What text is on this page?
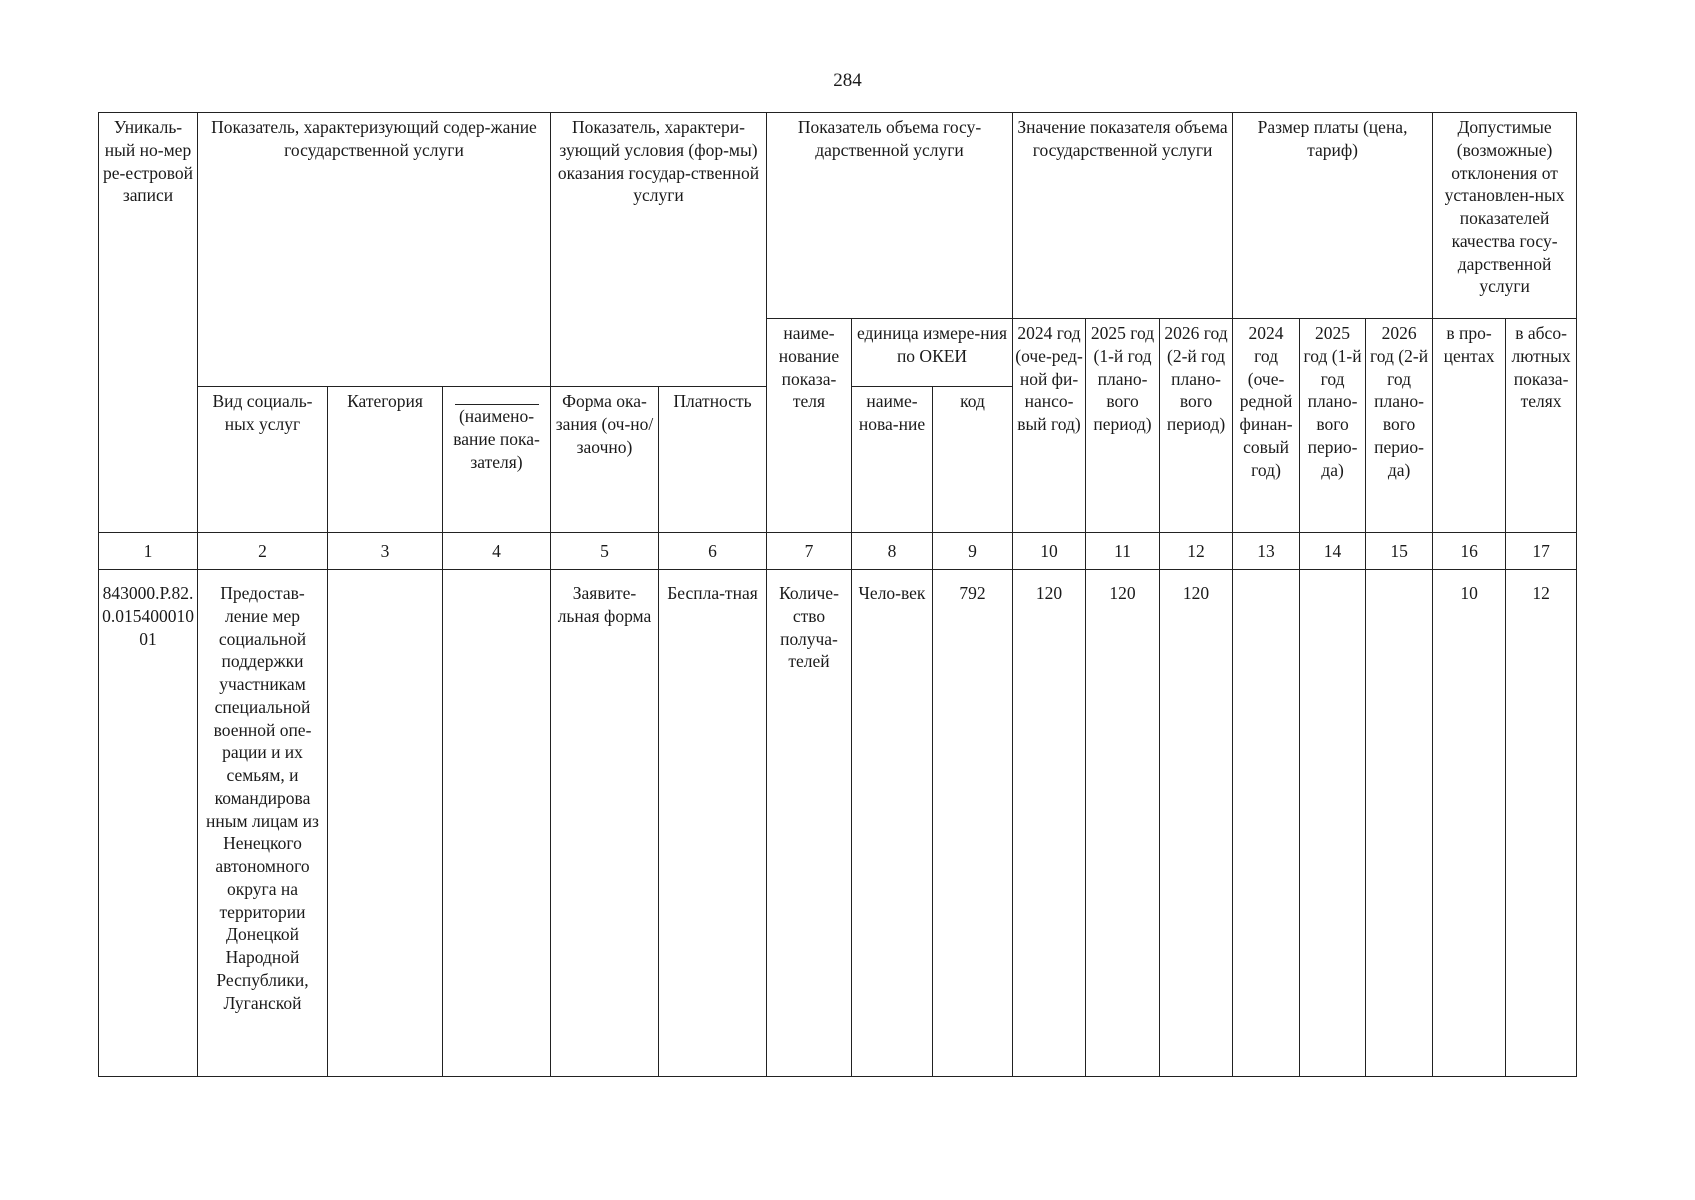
284
Уникаль-ный но-мер ре-естровой записи	Показатель, характеризующий содер-жание государственной услуги			Показатель, характери-зующий условия (фор-мы) оказания государ-ственной услуги		Показатель объема госу-дарственной услуги			Значение показателя объема государственной услуги			Размер платы (цена, тариф)			Допустимые (возможные) отклонения от установлен-ных показателей качества госу-дарственной услуги	
						наиме-нование показа-теля	единица измере-ния по ОКЕИ		2024 год (оче-ред-ной фи-нансо-вый год)	2025 год (1-й год плано-вого период)	2026 год (2-й год плано-вого период)	2024 год (оче-редной финан-совый год)	2025 год (1-й год плано-вого перио-да)	2026 год (2-й год плано-вого перио-да)	в про-центах	в абсо-лютных показа-телях
	Вид социаль-ных услуг	Категория	(наимено-вание пока-зателя)	Форма ока-зания (оч-но/заочно)	Платность		наиме-нова-ние	код								
1	2	3	4	5	6	7	8	9	10	11	12	13	14	15	16	17
843000.Р.82.0.01540001001	Предостав-ление мер социальной поддержки участникам специальной военной опе-рации и их семьям, и командирова нным лицам из Ненецкого автономного округа на территории Донецкой Народной Республики, Луганской			Заявите-льная форма	Беспла-тная	Количе-ство получа-телей	Чело-век	792	120	120	120				10	12
